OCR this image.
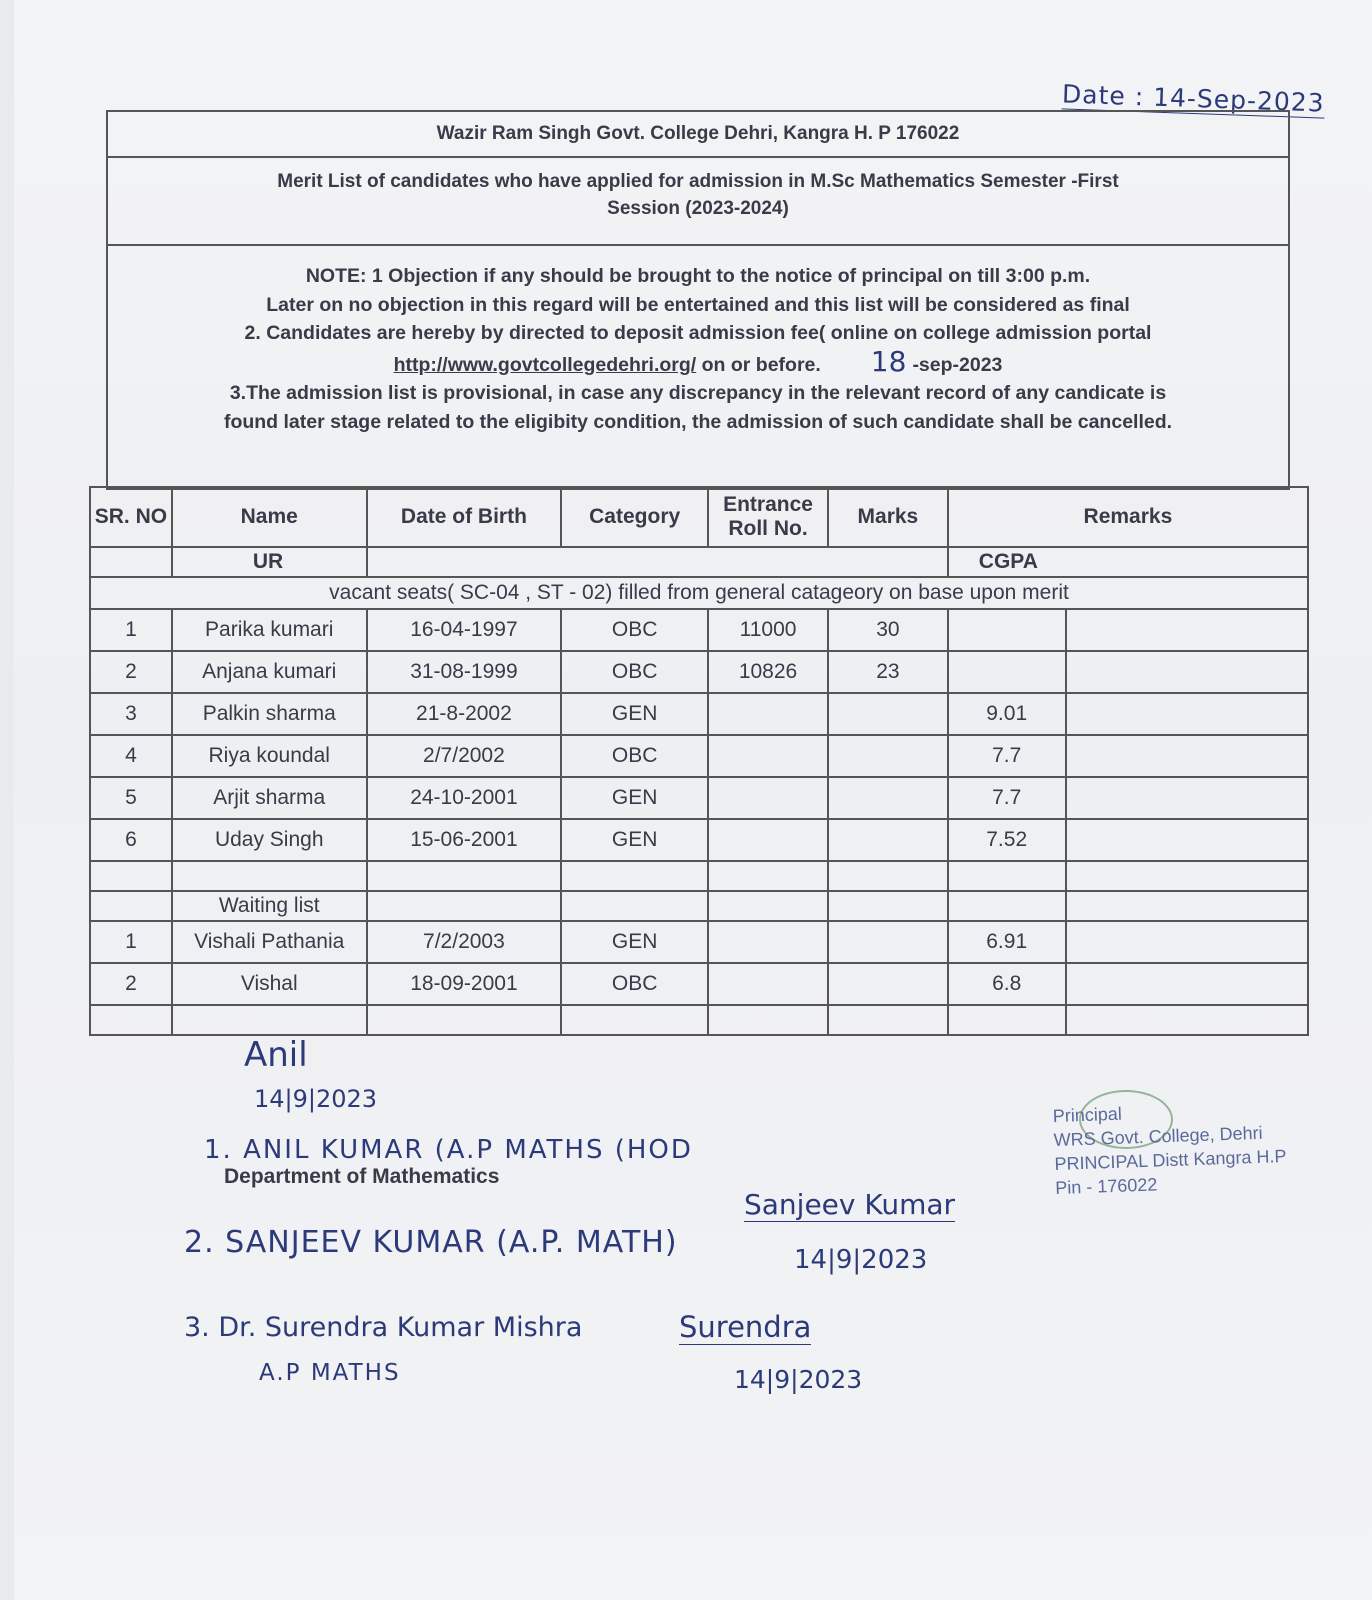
Date : 14-Sep-2023
Wazir Ram Singh Govt. College Dehri, Kangra H. P 176022
Merit List of candidates who have applied for admission in M.Sc Mathematics Semester -First
Session (2023-2024)
NOTE: 1 Objection if any should be brought to the notice of principal on till 3:00 p.m.
Later on no objection in this regard will be entertained and this list will be considered as final
2. Candidates are hereby by directed to deposit admission fee( online on college admission portal
http://www.govtcollegedehri.org/ on or before. 18 -sep-2023
3.The admission list is provisional, in case any discrepancy in the relevant record of any candicate is
found later stage related to the eligibity condition, the admission of such candidate shall be cancelled.
SR. NO	Name	Date of Birth	Category	Entrance Roll No.	Marks	Remarks	
	UR					CGPA	
vacant seats( SC-04 , ST - 02) filled from general catageory on base upon merit							
1	Parika kumari	16-04-1997	OBC	11000	30		
2	Anjana kumari	31-08-1999	OBC	10826	23		
3	Palkin sharma	21-8-2002	GEN			9.01	
4	Riya koundal	2/7/2002	OBC			7.7	
5	Arjit sharma	24-10-2001	GEN			7.7	
6	Uday Singh	15-06-2001	GEN			7.52	

	Waiting list						
1	Vishali Pathania	7/2/2003	GEN			6.91	
2	Vishal	18-09-2001	OBC			6.8	

Anil
14|9|2023
1. ANIL KUMAR (A.P MATHS (HOD
Department of Mathematics
2. SANJEEV KUMAR (A.P. MATH)
Sanjeev Kumar
14|9|2023
3. Dr. Surendra Kumar Mishra
A.P MATHS
Surendra
14|9|2023
Principal
WRS Govt. College, Dehri
PRINCIPAL Distt Kangra H.P
Pin - 176022
